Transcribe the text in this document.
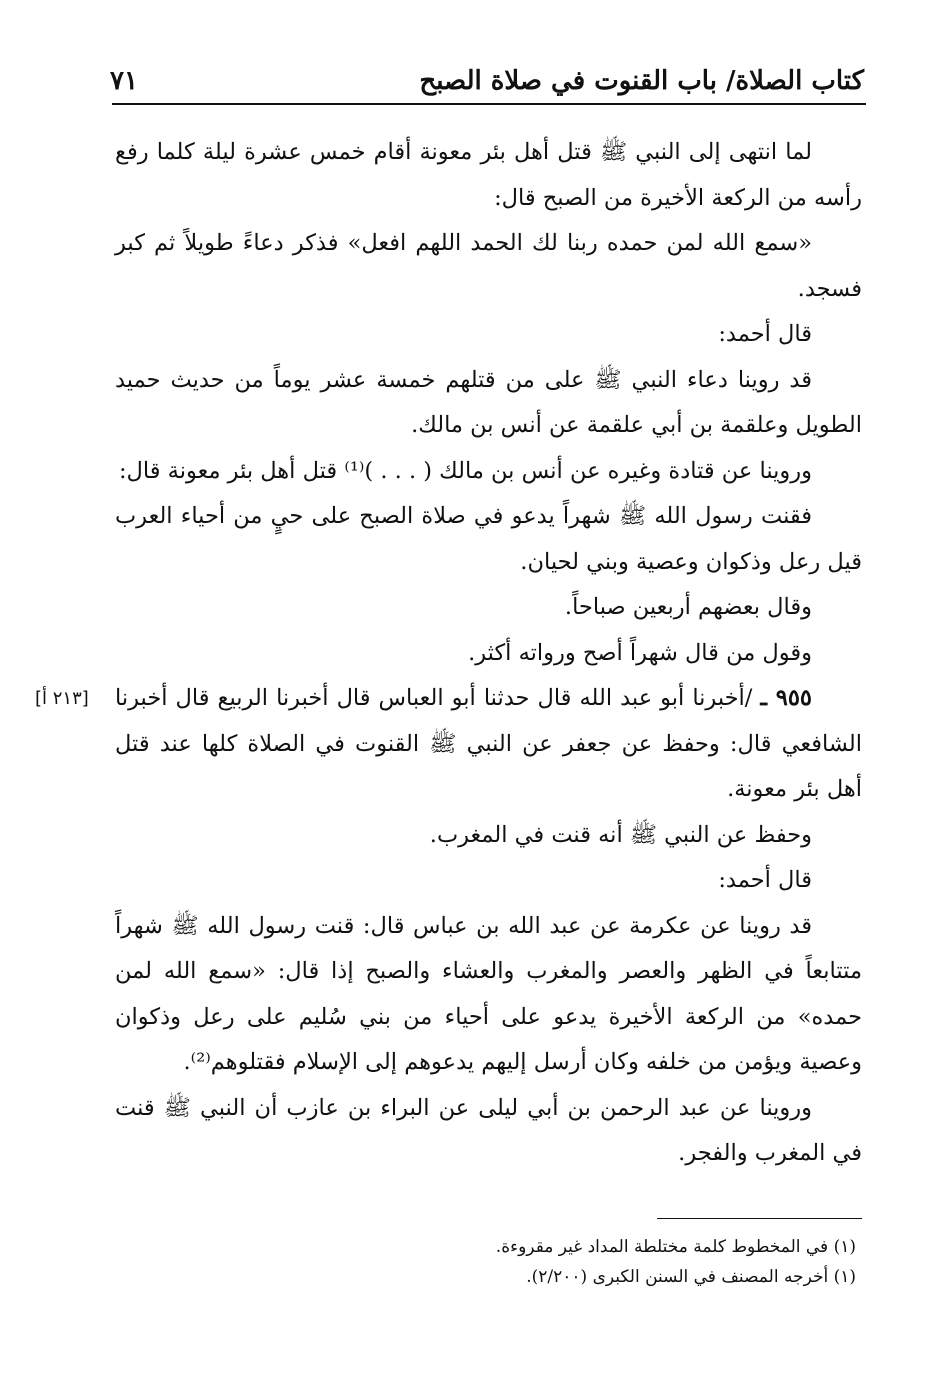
كتاب الصلاة/ باب القنوت في صلاة الصبح
٧١

لما انتهى إلى النبي ﷺ قتل أهل بئر معونة أقام خمس عشرة ليلة كلما رفع رأسه من الركعة الأخيرة من الصبح قال:

«سمع الله لمن حمده ربنا لك الحمد اللهم افعل» فذكر دعاءً طويلاً ثم كبر فسجد.

قال أحمد:

قد روينا دعاء النبي ﷺ على من قتلهم خمسة عشر يوماً من حديث حميد الطويل وعلقمة بن أبي علقمة عن أنس بن مالك.

وروينا عن قتادة وغيره عن أنس بن مالك ( . . . )⁽¹⁾ قتل أهل بئر معونة قال:

فقنت رسول الله ﷺ شهراً يدعو في صلاة الصبح على حيٍ من أحياء العرب قيل رعل وذكوان وعصية وبني لحيان.

وقال بعضهم أربعين صباحاً.

وقول من قال شهراً أصح ورواته أكثر.

٩٥٥ ـ /أخبرنا أبو عبد الله قال حدثنا أبو العباس قال أخبرنا الربيع قال أخبرنا الشافعي قال: وحفظ عن جعفر عن النبي ﷺ القنوت في الصلاة كلها عند قتل أهل بئر معونة.
[٢١٣ أ]

وحفظ عن النبي ﷺ أنه قنت في المغرب.

قال أحمد:

قد روينا عن عكرمة عن عبد الله بن عباس قال: قنت رسول الله ﷺ شهراً متتابعاً في الظهر والعصر والمغرب والعشاء والصبح إذا قال: «سمع الله لمن حمده» من الركعة الأخيرة يدعو على أحياء من بني سُليم على رعل وذكوان وعصية ويؤمن من خلفه وكان أرسل إليهم يدعوهم إلى الإسلام فقتلوهم⁽²⁾.

وروينا عن عبد الرحمن بن أبي ليلى عن البراء بن عازب أن النبي ﷺ قنت في المغرب والفجر.

(١) في المخطوط كلمة مختلطة المداد غير مقروءة.

(١) أخرجه المصنف في السنن الكبرى (٢/٢٠٠).
